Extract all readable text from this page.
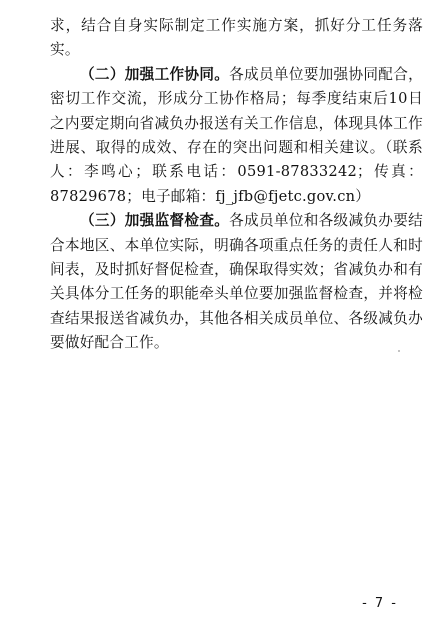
求，结合自身实际制定工作实施方案，抓好分工任务落实。

（二）加强工作协同。各成员单位要加强协同配合，密切工作交流，形成分工协作格局；每季度结束后10日之内要定期向省减负办报送有关工作信息，体现具体工作进展、取得的成效、存在的突出问题和相关建议。（联系人：李鸣心；联系电话：0591-87833242；传真：87829678；电子邮箱：fj_jfb@fjetc.gov.cn）

（三）加强监督检查。各成员单位和各级减负办要结合本地区、本单位实际，明确各项重点任务的责任人和时间表，及时抓好督促检查，确保取得实效；省减负办和有关具体分工任务的职能牵头单位要加强监督检查，并将检查结果报送省减负办，其他各相关成员单位、各级减负办要做好配合工作。

- 7 -
